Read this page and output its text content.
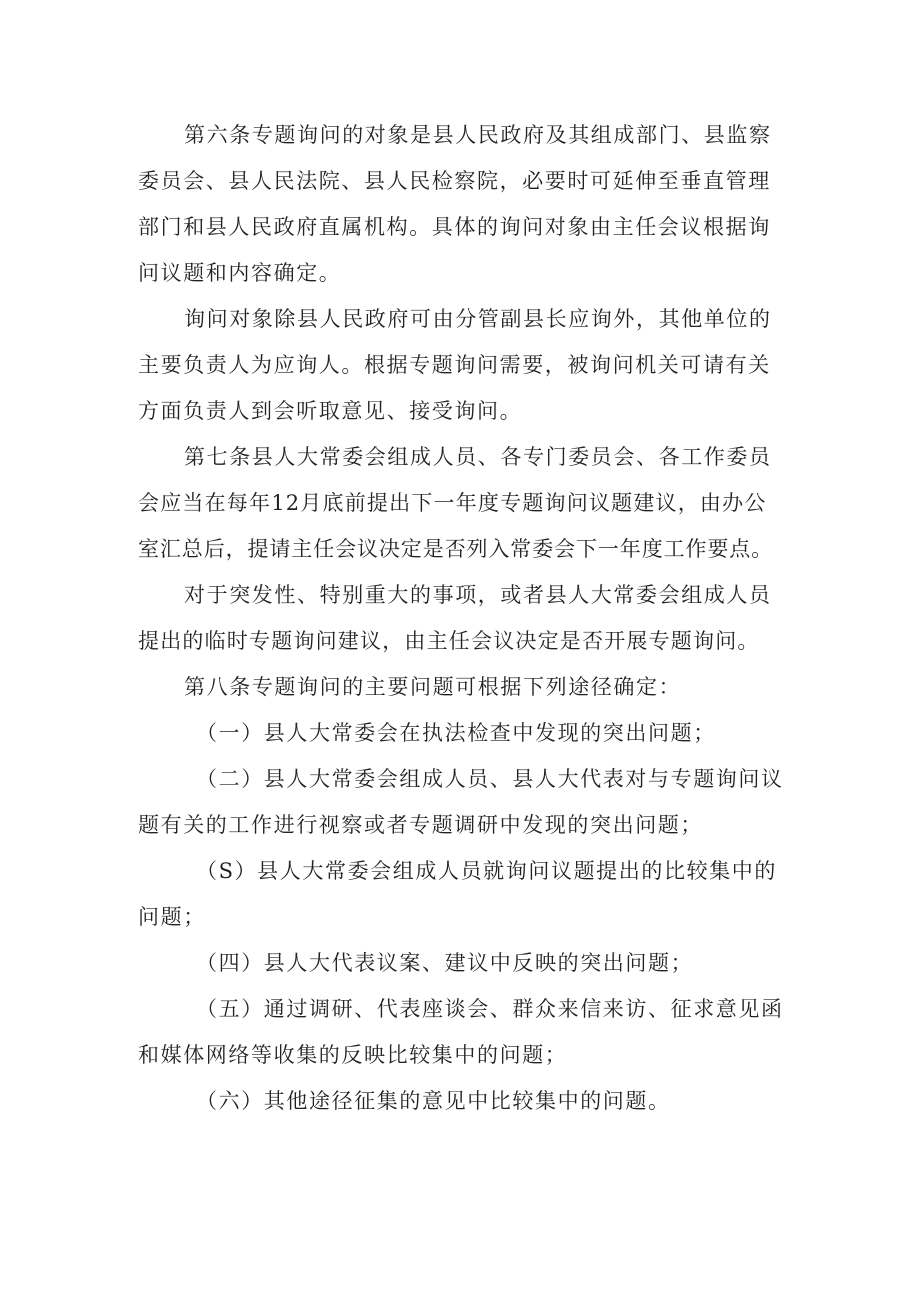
第六条专题询问的对象是县人民政府及其组成部门、县监察
委员会、县人民法院、县人民检察院，必要时可延伸至垂直管理
部门和县人民政府直属机构。具体的询问对象由主任会议根据询
问议题和内容确定。
询问对象除县人民政府可由分管副县长应询外，其他单位的
主要负责人为应询人。根据专题询问需要，被询问机关可请有关
方面负责人到会听取意见、接受询问。
第七条县人大常委会组成人员、各专门委员会、各工作委员
会应当在每年12月底前提出下一年度专题询问议题建议，由办公
室汇总后，提请主任会议决定是否列入常委会下一年度工作要点。
对于突发性、特别重大的事项，或者县人大常委会组成人员
提出的临时专题询问建议，由主任会议决定是否开展专题询问。
第八条专题询问的主要问题可根据下列途径确定：
（一）县人大常委会在执法检查中发现的突出问题；
（二）县人大常委会组成人员、县人大代表对与专题询问议
题有关的工作进行视察或者专题调研中发现的突出问题；
（S）县人大常委会组成人员就询问议题提出的比较集中的
问题；
（四）县人大代表议案、建议中反映的突出问题；
（五）通过调研、代表座谈会、群众来信来访、征求意见函
和媒体网络等收集的反映比较集中的问题；
（六）其他途径征集的意见中比较集中的问题。
